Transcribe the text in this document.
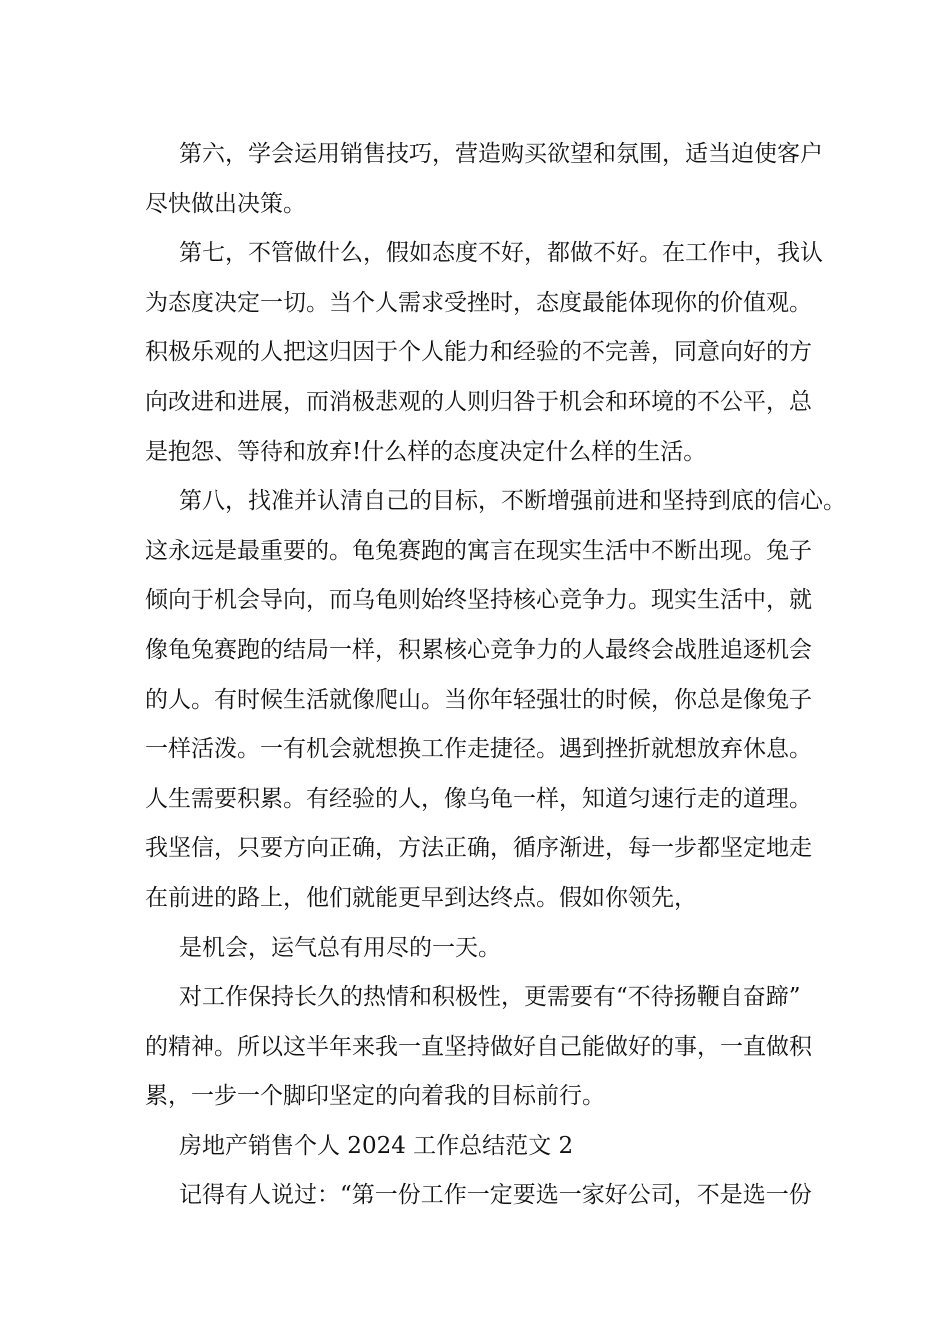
第六，学会运用销售技巧，营造购买欲望和氛围，适当迫使客户
尽快做出决策。
第七，不管做什么，假如态度不好，都做不好。在工作中，我认
为态度决定一切。当个人需求受挫时，态度最能体现你的价值观。
积极乐观的人把这归因于个人能力和经验的不完善，同意向好的方
向改进和进展，而消极悲观的人则归咎于机会和环境的不公平，总
是抱怨、等待和放弃!什么样的态度决定什么样的生活。
第八，找准并认清自己的目标，不断增强前进和坚持到底的信心。
这永远是最重要的。龟兔赛跑的寓言在现实生活中不断出现。兔子
倾向于机会导向，而乌龟则始终坚持核心竞争力。现实生活中，就
像龟兔赛跑的结局一样，积累核心竞争力的人最终会战胜追逐机会
的人。有时候生活就像爬山。当你年轻强壮的时候，你总是像兔子
一样活泼。一有机会就想换工作走捷径。遇到挫折就想放弃休息。
人生需要积累。有经验的人，像乌龟一样，知道匀速行走的道理。
我坚信，只要方向正确，方法正确，循序渐进，每一步都坚定地走
在前进的路上，他们就能更早到达终点。假如你领先，
是机会，运气总有用尽的一天。
对工作保持长久的热情和积极性，更需要有“不待扬鞭自奋蹄”
的精神。所以这半年来我一直坚持做好自己能做好的事，一直做积
累，一步一个脚印坚定的向着我的目标前行。
房地产销售个人 2024 工作总结范文 2
记得有人说过：“第一份工作一定要选一家好公司，不是选一份
